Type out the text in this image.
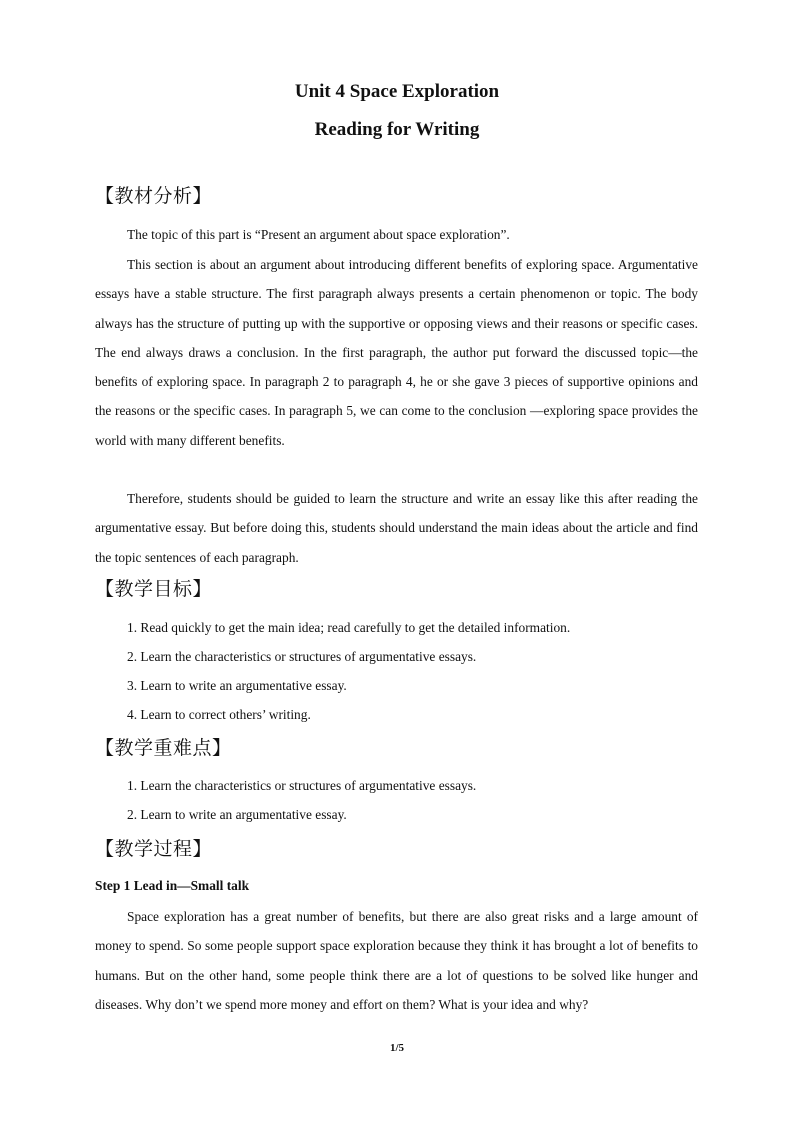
Unit 4 Space Exploration
Reading for Writing
【教材分析】

The topic of this part is “Present an argument about space exploration”.

This section is about an argument about introducing different benefits of exploring space. Argumentative essays have a stable structure. The first paragraph always presents a certain phenomenon or topic. The body always has the structure of putting up with the supportive or opposing views and their reasons or specific cases. The end always draws a conclusion. In the first paragraph, the author put forward the discussed topic—the benefits of exploring space. In paragraph 2 to paragraph 4, he or she gave 3 pieces of supportive opinions and the reasons or the specific cases. In paragraph 5, we can come to the conclusion —exploring space provides the world with many different benefits.

Therefore, students should be guided to learn the structure and write an essay like this after reading the argumentative essay. But before doing this, students should understand the main ideas about the article and find the topic sentences of each paragraph.

【教学目标】
1. Read quickly to get the main idea; read carefully to get the detailed information.
2. Learn the characteristics or structures of argumentative essays.
3. Learn to write an argumentative essay.
4. Learn to correct others’ writing.
【教学重难点】
1. Learn the characteristics or structures of argumentative essays.
2. Learn to write an argumentative essay.
【教学过程】
Step 1 Lead in—Small talk

Space exploration has a great number of benefits, but there are also great risks and a large amount of money to spend. So some people support space exploration because they think it has brought a lot of benefits to humans. But on the other hand, some people think there are a lot of questions to be solved like hunger and diseases. Why don’t we spend more money and effort on them? What is your idea and why?

1/5
